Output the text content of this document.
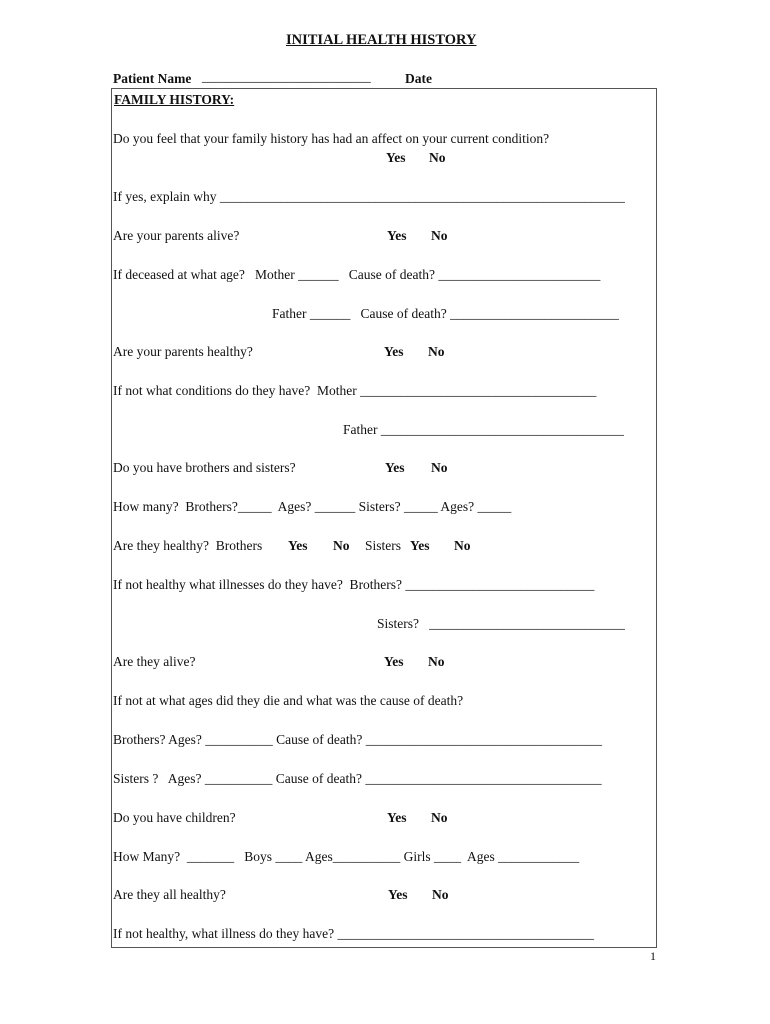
INITIAL HEALTH HISTORY
Patient Name _________________________	Date
FAMILY HISTORY:
Do you feel that your family history has had an affect on your current condition?
Yes No
If yes, explain why ____________________________________________________________
Are your parents alive?	Yes No
If deceased at what age?   Mother ______   Cause of death? ________________________
Father ______   Cause of death? _________________________
Are your parents healthy?	Yes No
If not what conditions do they have?  Mother ___________________________________
Father ____________________________________
Do you have brothers and sisters?	Yes No
How many?  Brothers?_____  Ages? ______ Sisters? _____ Ages? _____
Are they healthy?  Brothers Yes No Sisters Yes No
If not healthy what illnesses do they have?  Brothers? ____________________________
Sisters?   _____________________________
Are they alive?	Yes No
If not at what ages did they die and what was the cause of death?
Brothers? Ages? __________ Cause of death? ___________________________________
Sisters ?   Ages? __________ Cause of death? ___________________________________
Do you have children?	Yes No
How Many?  _______   Boys ____ Ages__________ Girls ____  Ages ____________
Are they all healthy?	Yes No
If not healthy, what illness do they have? ______________________________________
1
